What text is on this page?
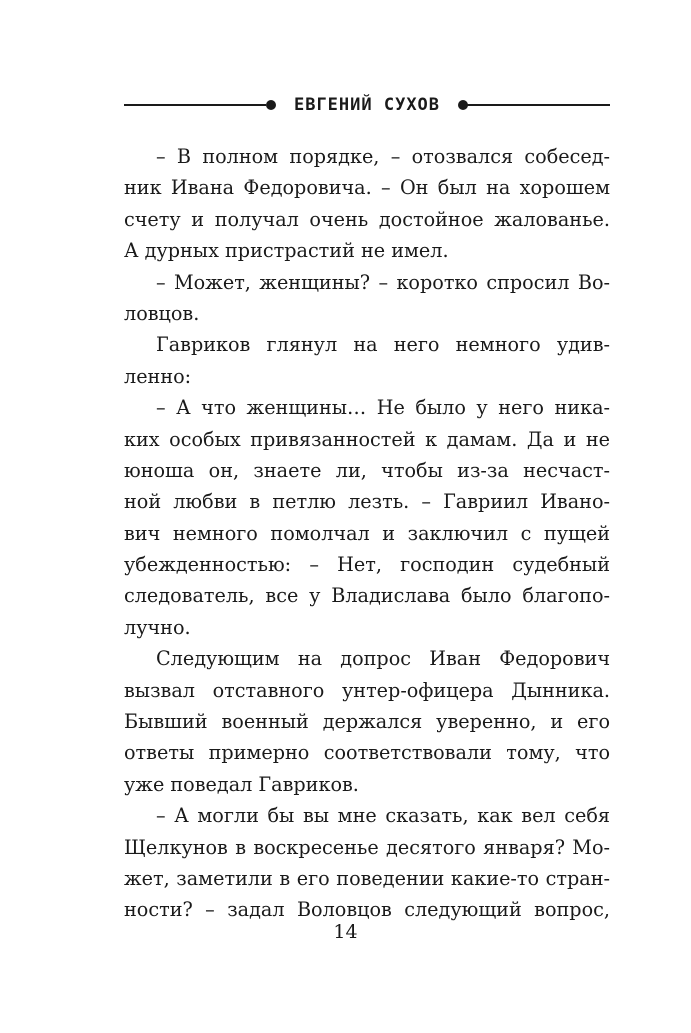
ЕВГЕНИЙ СУХОВ
– В полном порядке, – отозвался собесед-
ник Ивана Федоровича. – Он был на хорошем
счету и получал очень достойное жалованье.
А дурных пристрастий не имел.
– Может, женщины? – коротко спросил Во-
ловцов.
Гавриков глянул на него немного удив-
ленно:
– А что женщины… Не было у него ника-
ких особых привязанностей к дамам. Да и не
юноша он, знаете ли, чтобы из-за несчаст-
ной любви в петлю лезть. – Гавриил Ивано-
вич немного помолчал и заключил с пущей
убежденностью: – Нет, господин судебный
следователь, все у Владислава было благопо-
лучно.
Следующим на допрос Иван Федорович
вызвал отставного унтер-офицера Дынника.
Бывший военный держался уверенно, и его
ответы примерно соответствовали тому, что
уже поведал Гавриков.
– А могли бы вы мне сказать, как вел себя
Щелкунов в воскресенье десятого января? Мо-
жет, заметили в его поведении какие-то стран-
ности? – задал Воловцов следующий вопрос,
14
